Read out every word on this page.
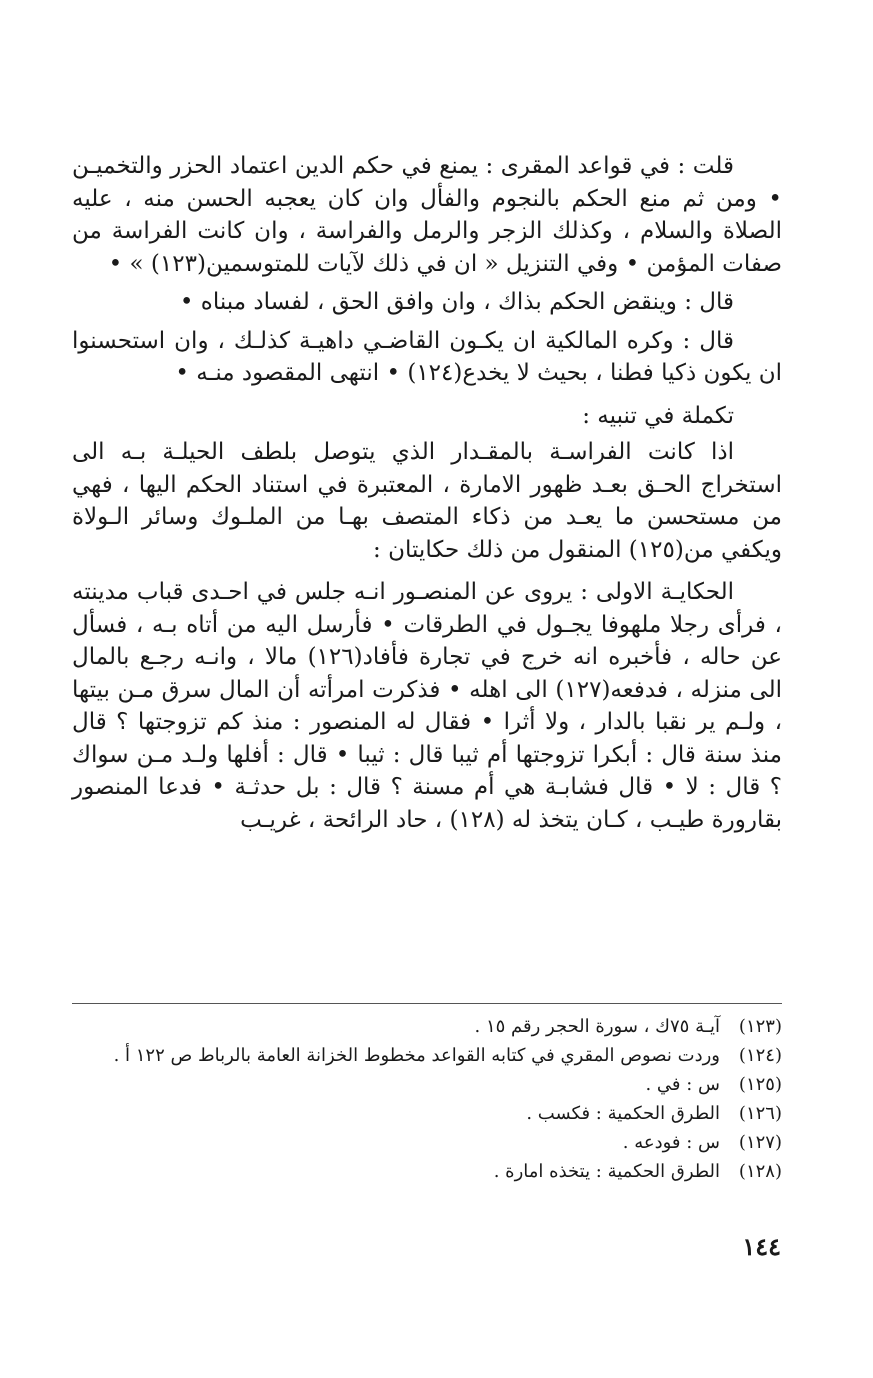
قلت : في قواعد المقرى : يمنع في حكم الدين اعتماد الحزر والتخميـن • ومن ثم منع الحكم بالنجوم والفأل وان كان يعجبه الحسن منه ، عليه الصلاة والسلام ، وكذلك الزجر والرمل والفراسة ، وان كانت الفراسة من صفات المؤمن • وفي التنزيل « ان في ذلك لآيات للمتوسمين(١٢٣) » •

قال : وينقض الحكم بذاك ، وان وافق الحق ، لفساد مبناه •

قال : وكره المالكية ان يكـون القاضـي داهيـة كذلـك ، وان استحسنوا ان يكون ذكيا فطنا ، بحيث لا يخدع(١٢٤) • انتهى المقصود منـه •

تكملة في تنبيه :

اذا كانت الفراسـة بالمقـدار الذي يتوصل بلطف الحيلـة بـه الى استخراج الحـق بعـد ظهور الامارة ، المعتبرة في استناد الحكم اليها ، فهي من مستحسن ما يعـد من ذكاء المتصف بهـا من الملـوك وسائر الـولاة ويكفي من(١٢٥) المنقول من ذلك حكايتان :

الحكايـة الاولى : يروى عن المنصـور انـه جلس في احـدى قباب مدينته ، فرأى رجلا ملهوفا يجـول في الطرقات • فأرسل اليه من أتاه بـه ، فسأل عن حاله ، فأخبره انه خرج في تجارة فأفاد(١٢٦) مالا ، وانـه رجـع بالمال الى منزله ، فدفعه(١٢٧) الى اهله • فذكرت امرأته أن المال سرق مـن بيتها ، ولـم ير نقبا بالدار ، ولا أثرا • فقال له المنصور : منذ كم تزوجتها ؟ قال منذ سنة قال : أبكرا تزوجتها أم ثيبا قال : ثيبا • قال : أفلها ولـد مـن سواك ؟ قال : لا • قال فشابـة هي أم مسنة ؟ قال : بل حدثـة • فدعا المنصور بقارورة طيـب ، كـان يتخذ له (١٢٨) ، حاد الرائحة ، غريـب

(١٢٣)
آيـة ٧٥ك ، سورة الحجر رقم ١٥ .
(١٢٤)
وردت نصوص المقري في كتابه القواعد مخطوط الخزانة العامة بالرباط ص ١٢٢ أ .
(١٢٥)
س : في .
(١٢٦)
الطرق الحكمية : فكسب .
(١٢٧)
س : فودعه .
(١٢٨)
الطرق الحكمية : يتخذه امارة .
١٤٤
